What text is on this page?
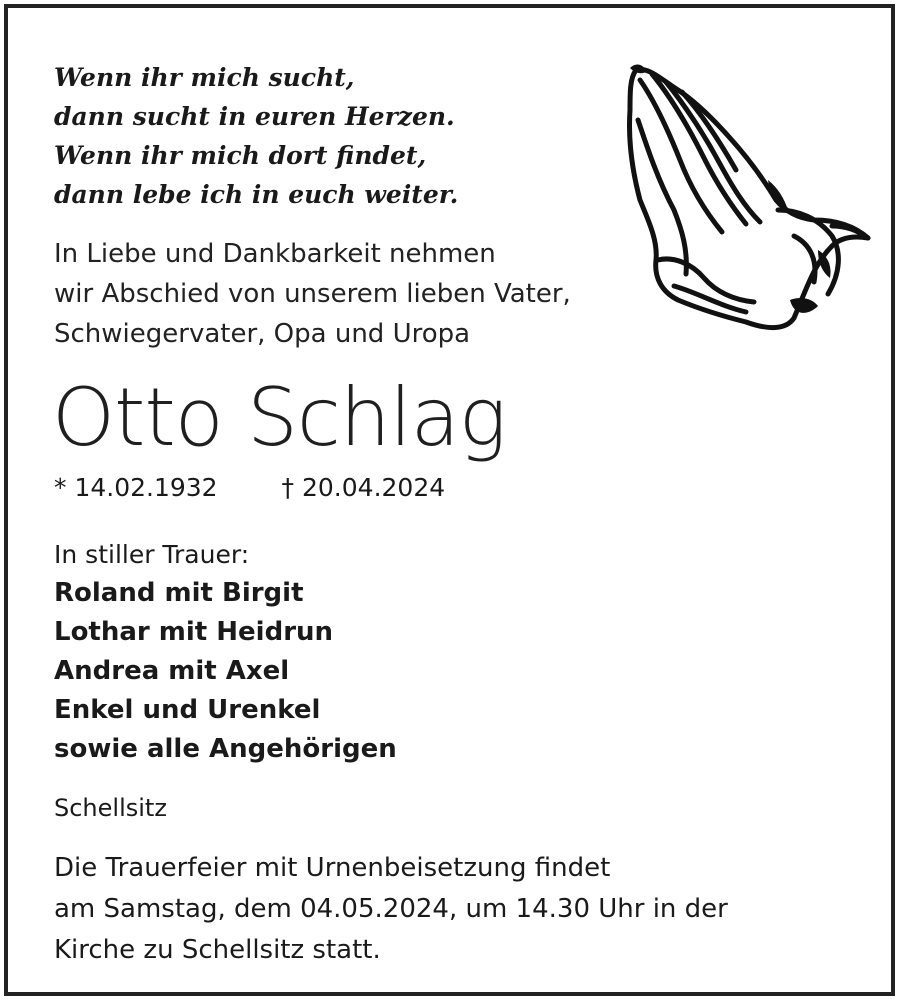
Wenn ihr mich sucht,
dann sucht in euren Herzen.
Wenn ihr mich dort findet,
dann lebe ich in euch weiter.
In Liebe und Dankbarkeit nehmen
wir Abschied von unserem lieben Vater,
Schwiegervater, Opa und Uropa
Otto Schlag
* 14.02.1932	† 20.04.2024
In stiller Trauer:
Roland mit Birgit
Lothar mit Heidrun
Andrea mit Axel
Enkel und Urenkel
sowie alle Angehörigen
Schellsitz
Die Trauerfeier mit Urnenbeisetzung findet
am Samstag, dem 04.05.2024, um 14.30 Uhr in der
Kirche zu Schellsitz statt.
